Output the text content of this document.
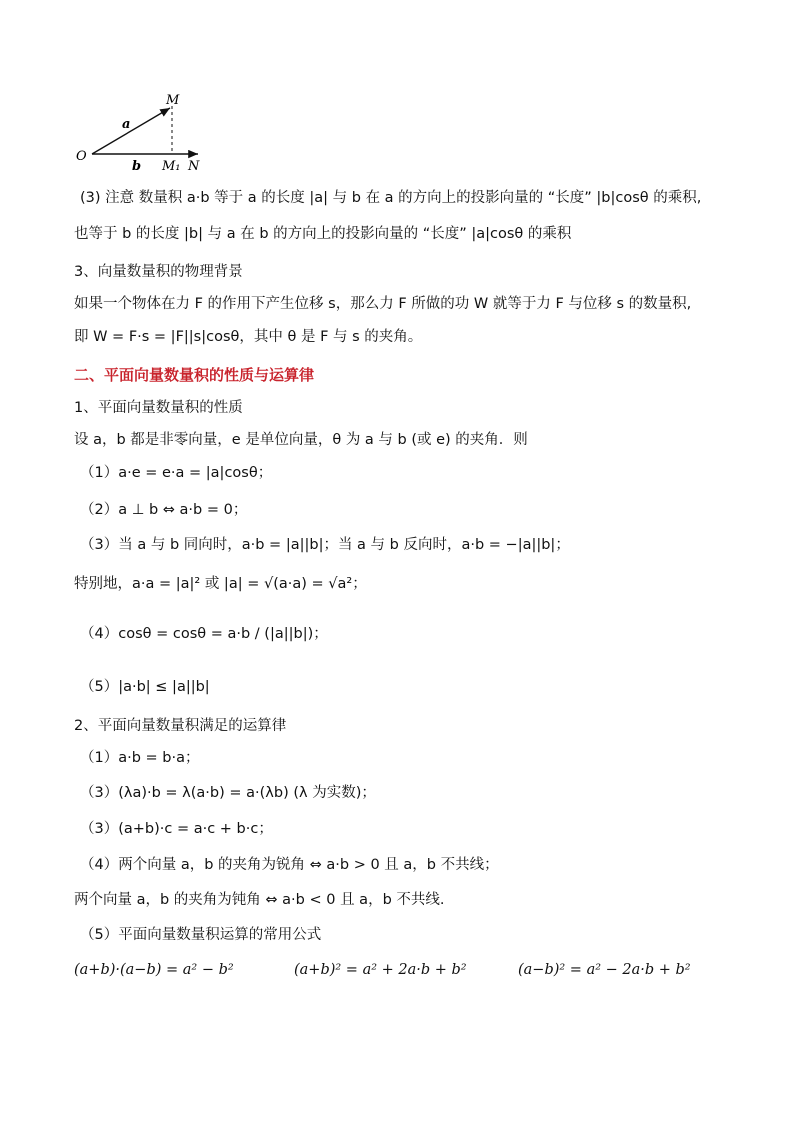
O
M
a
b M₁ N
(3) 注意 数量积 a·b 等于 a 的长度 |a| 与 b 在 a 的方向上的投影向量的 “长度” |b|cosθ 的乘积,
也等于 b 的长度 |b| 与 a 在 b 的方向上的投影向量的 “长度” |a|cosθ 的乘积
3、向量数量积的物理背景
如果一个物体在力 F 的作用下产生位移 s，那么力 F 所做的功 W 就等于力 F 与位移 s 的数量积,
即 W = F·s = |F||s|cosθ，其中 θ 是 F 与 s 的夹角。
二、平面向量数量积的性质与运算律
1、平面向量数量积的性质
设 a，b 都是非零向量，e 是单位向量，θ 为 a 与 b (或 e) 的夹角．则
（1）a·e = e·a = |a|cosθ；
（2）a ⊥ b ⇔ a·b = 0；
（3）当 a 与 b 同向时，a·b = |a||b|；当 a 与 b 反向时，a·b = −|a||b|；
特别地，a·a = |a|² 或 |a| = √(a·a) = √a²；
（4）cosθ = cosθ = a·b / (|a||b|)；
（5）|a·b| ≤ |a||b|
2、平面向量数量积满足的运算律
（1）a·b = b·a；
（3）(λa)·b = λ(a·b) = a·(λb) (λ 为实数)；
（3）(a+b)·c = a·c + b·c；
（4）两个向量 a，b 的夹角为锐角 ⇔ a·b > 0 且 a，b 不共线；
两个向量 a，b 的夹角为钝角 ⇔ a·b < 0 且 a，b 不共线.
（5）平面向量数量积运算的常用公式
(a+b)·(a−b) = a² − b²	(a+b)² = a² + 2a·b + b²	(a−b)² = a² − 2a·b + b²
